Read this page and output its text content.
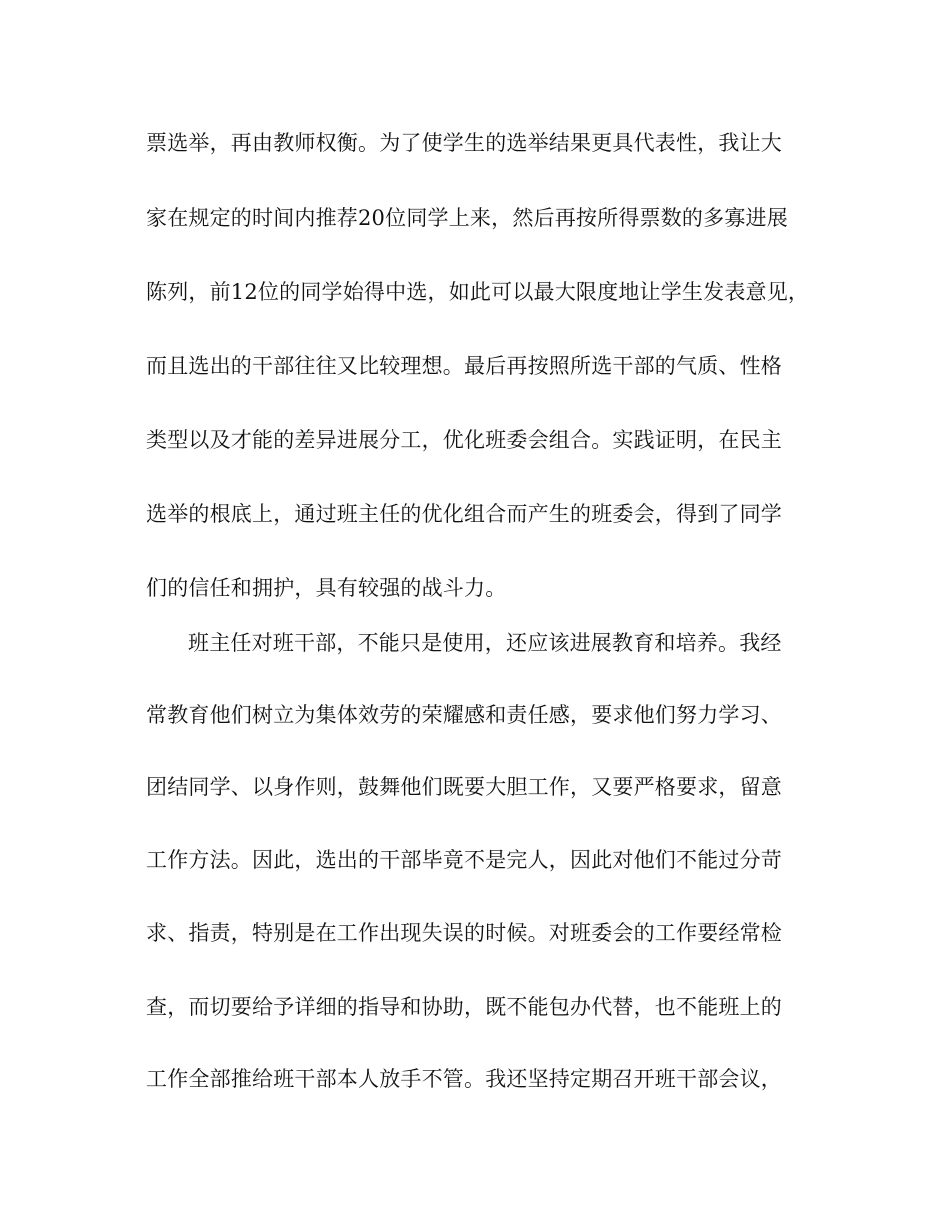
票选举，再由教师权衡。为了使学生的选举结果更具代表性，我让大
家在规定的时间内推荐20位同学上来，然后再按所得票数的多寡进展
陈列，前12位的同学始得中选，如此可以最大限度地让学生发表意见，
而且选出的干部往往又比较理想。最后再按照所选干部的气质、性格
类型以及才能的差异进展分工，优化班委会组合。实践证明，在民主
选举的根底上，通过班主任的优化组合而产生的班委会，得到了同学
们的信任和拥护，具有较强的战斗力。
班主任对班干部，不能只是使用，还应该进展教育和培养。我经
常教育他们树立为集体效劳的荣耀感和责任感，要求他们努力学习、
团结同学、以身作则，鼓舞他们既要大胆工作，又要严格要求，留意
工作方法。因此，选出的干部毕竟不是完人，因此对他们不能过分苛
求、指责，特别是在工作出现失误的时候。对班委会的工作要经常检
查，而切要给予详细的指导和协助，既不能包办代替，也不能班上的
工作全部推给班干部本人放手不管。我还坚持定期召开班干部会议，
